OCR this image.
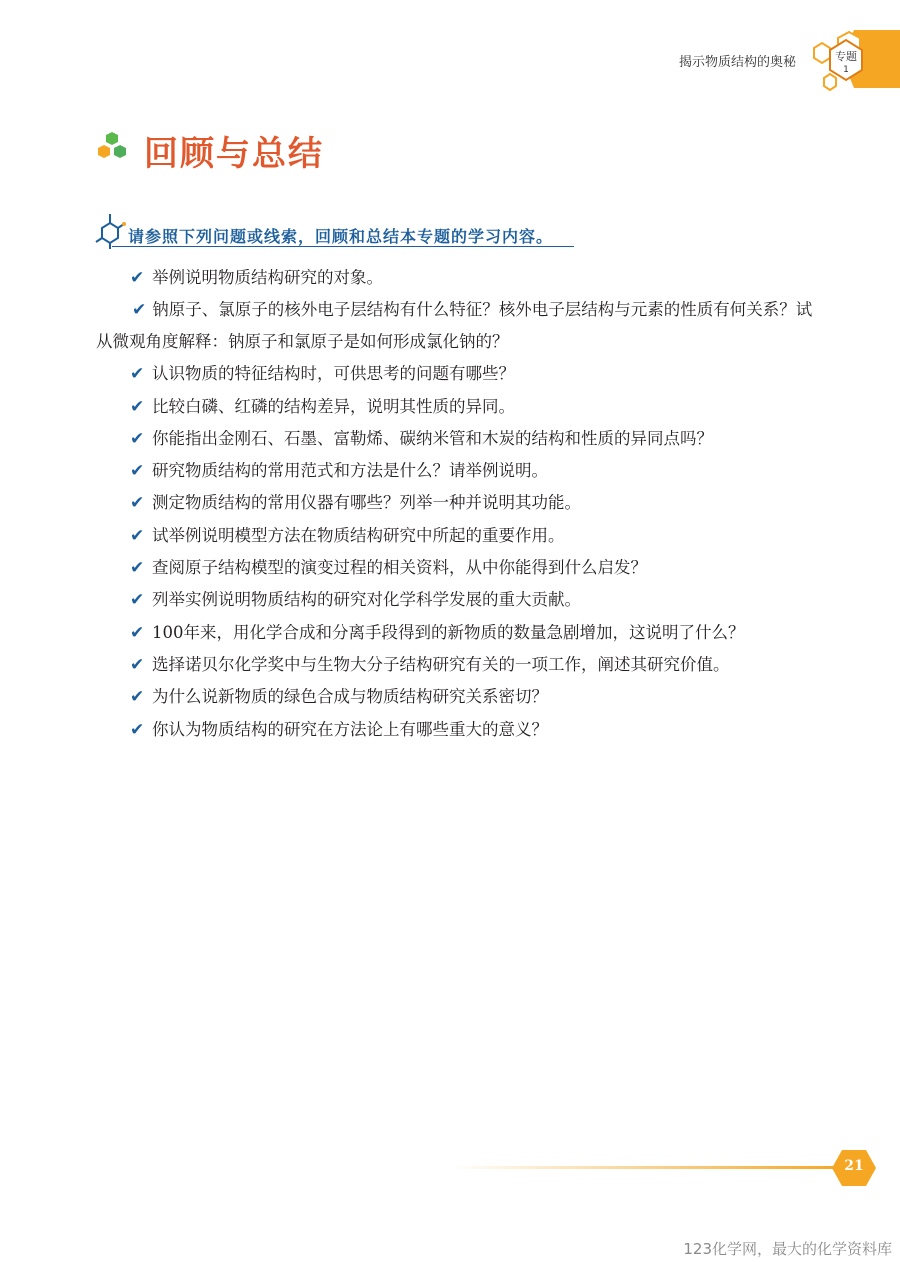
揭示物质结构的奥秘	专题
1
回顾与总结
请参照下列问题或线索，回顾和总结本专题的学习内容。
✔ 举例说明物质结构研究的对象。
✔ 钠原子、氯原子的核外电子层结构有什么特征？核外电子层结构与元素的性质有何关系？试从微观角度解释：钠原子和氯原子是如何形成氯化钠的？
✔ 认识物质的特征结构时，可供思考的问题有哪些？
✔ 比较白磷、红磷的结构差异，说明其性质的异同。
✔ 你能指出金刚石、石墨、富勒烯、碳纳米管和木炭的结构和性质的异同点吗？
✔ 研究物质结构的常用范式和方法是什么？请举例说明。
✔ 测定物质结构的常用仪器有哪些？列举一种并说明其功能。
✔ 试举例说明模型方法在物质结构研究中所起的重要作用。
✔ 查阅原子结构模型的演变过程的相关资料，从中你能得到什么启发？
✔ 列举实例说明物质结构的研究对化学科学发展的重大贡献。
✔ 100年来，用化学合成和分离手段得到的新物质的数量急剧增加，这说明了什么？
✔ 选择诺贝尔化学奖中与生物大分子结构研究有关的一项工作，阐述其研究价值。
✔ 为什么说新物质的绿色合成与物质结构研究关系密切？
✔ 你认为物质结构的研究在方法论上有哪些重大的意义？
21
123化学网，最大的化学资料库
